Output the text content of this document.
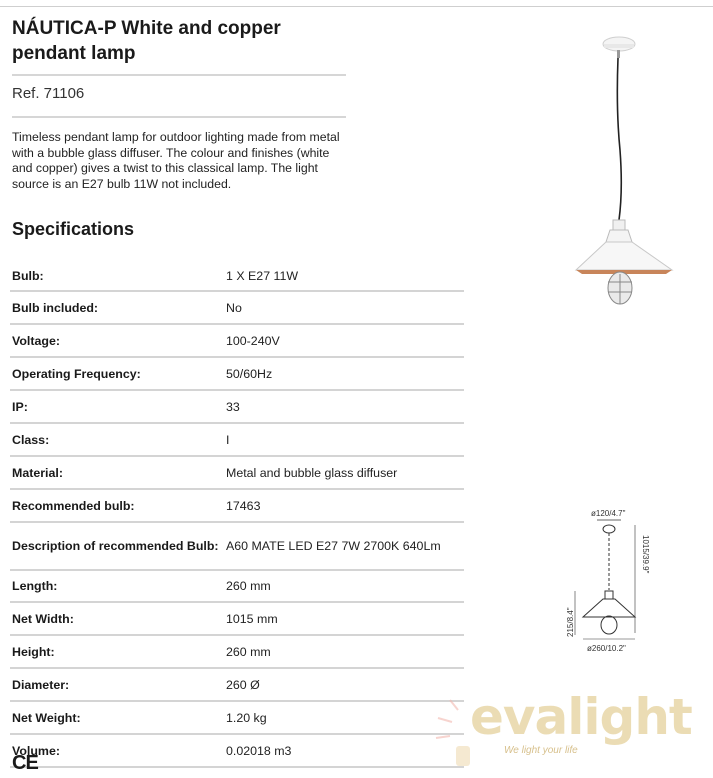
NÁUTICA-P White and copper pendant lamp
Ref. 71106
Timeless pendant lamp for outdoor lighting made from metal with a bubble glass diffuser. The colour and finishes (white and copper) gives a twist to this classical lamp. The light source is an E27 bulb 11W not included.
Specifications
Bulb:	1 X E27 11W
Bulb included:	No
Voltage:	100-240V
Operating Frequency:	50/60Hz
IP:	33
Class:	I
Material:	Metal and bubble glass diffuser
Recommended bulb:	17463
Description of recommended Bulb: A60 MATE LED E27 7W 2700K 640Lm
Length:	260 mm
Net Width:	1015 mm
Height:	260 mm
Diameter:	260 Ø
Net Weight:	1.20 kg
Volume:	0.02018 m3
ø120/4.7"
1015/39.9"
215/8.4"
ø260/10.2"
evalight
We light your life
CE
